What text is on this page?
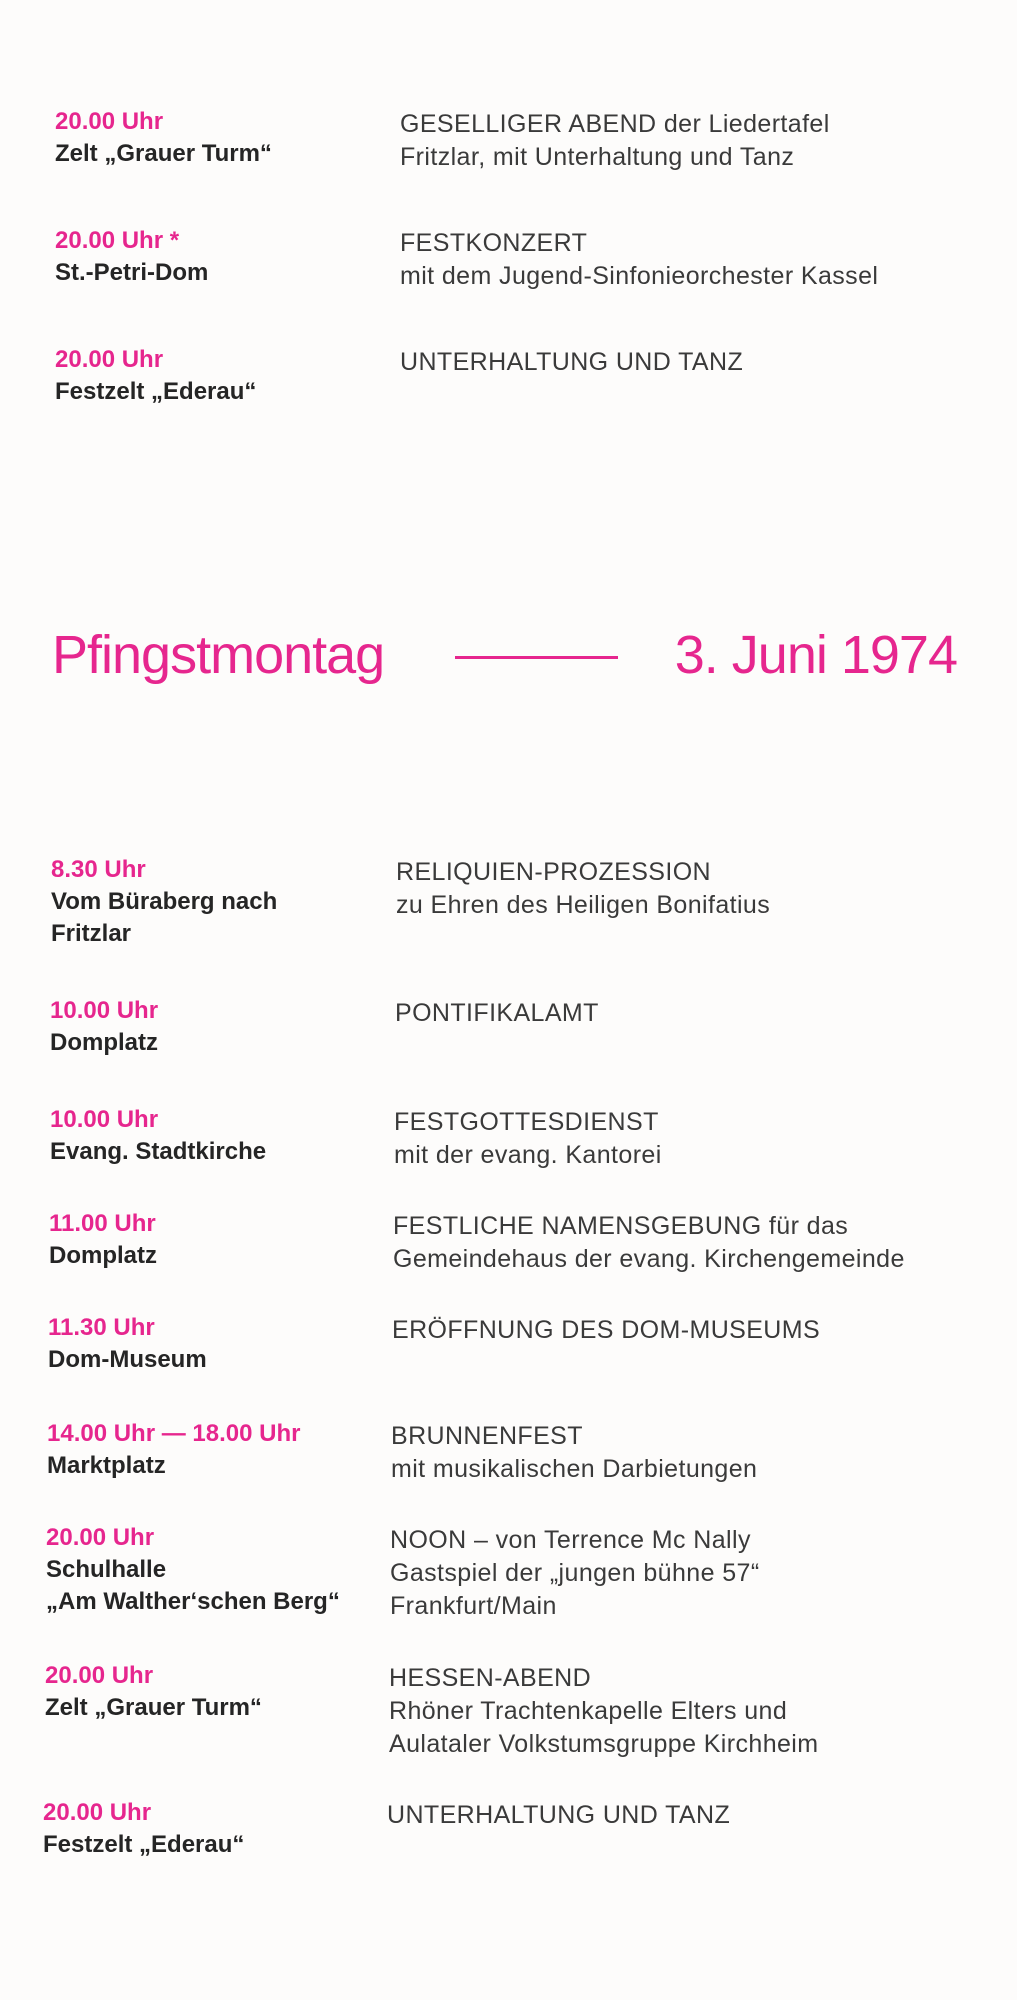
20.00 Uhr
Zelt „Grauer Turm“
GESELLIGER ABEND der Liedertafel
Fritzlar, mit Unterhaltung und Tanz
20.00 Uhr *
St.-Petri-Dom
FESTKONZERT
mit dem Jugend-Sinfonieorchester Kassel
20.00 Uhr
Festzelt „Ederau“
UNTERHALTUNG UND TANZ
Pfingstmontag	3. Juni 1974
8.30 Uhr
Vom Büraberg nach
Fritzlar
RELIQUIEN-PROZESSION
zu Ehren des Heiligen Bonifatius
10.00 Uhr
Domplatz
PONTIFIKALAMT
10.00 Uhr
Evang. Stadtkirche
FESTGOTTESDIENST
mit der evang. Kantorei
11.00 Uhr
Domplatz
FESTLICHE NAMENSGEBUNG für das
Gemeindehaus der evang. Kirchengemeinde
11.30 Uhr
Dom-Museum
ERÖFFNUNG DES DOM-MUSEUMS
14.00 Uhr — 18.00 Uhr
Marktplatz
BRUNNENFEST
mit musikalischen Darbietungen
20.00 Uhr
Schulhalle
„Am Walther‘schen Berg“
NOON – von Terrence Mc Nally
Gastspiel der „jungen bühne 57“
Frankfurt/Main
20.00 Uhr
Zelt „Grauer Turm“
HESSEN-ABEND
Rhöner Trachtenkapelle Elters und
Aulataler Volkstumsgruppe Kirchheim
20.00 Uhr
Festzelt „Ederau“
UNTERHALTUNG UND TANZ
